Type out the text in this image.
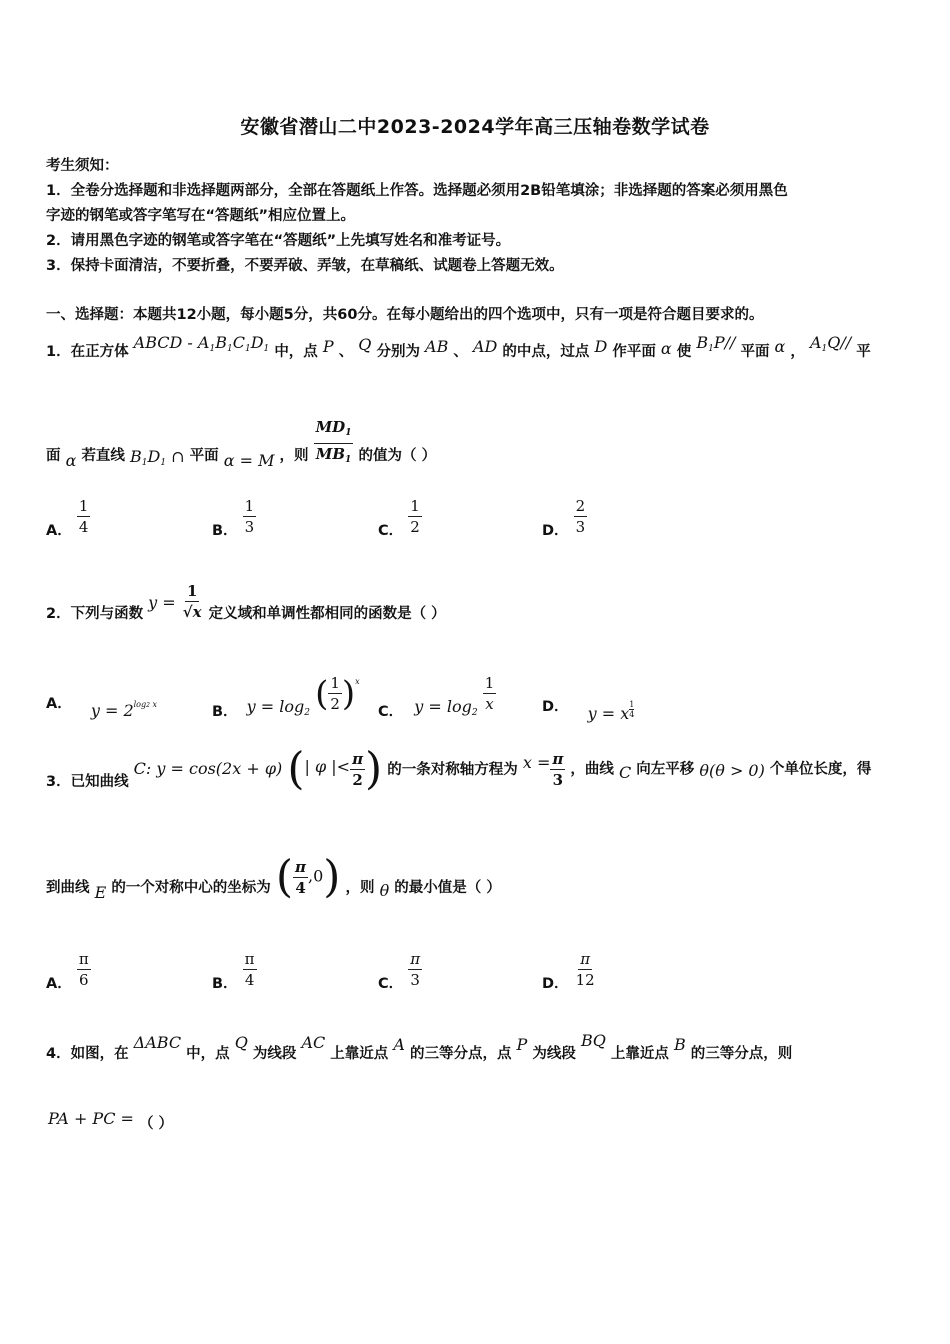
安徽省潜山二中2023-2024学年高三压轴卷数学试卷
考生须知：
1．全卷分选择题和非选择题两部分，全部在答题纸上作答。选择题必须用2B铅笔填涂；非选择题的答案必须用黑色
字迹的钢笔或答字笔写在“答题纸”相应位置上。
2．请用黑色字迹的钢笔或答字笔在“答题纸”上先填写姓名和准考证号。
3．保持卡面清洁，不要折叠，不要弄破、弄皱，在草稿纸、试题卷上答题无效。
一、选择题：本题共12小题，每小题5分，共60分。在每小题给出的四个选项中，只有一项是符合题目要求的。
1．在正方体 ABCD - $A_1B_1C_1D_1$ 中，点 P 、 Q 分别为 AB 、 AD 的中点，过点 D 作平面 α 使 $B_1P//$ 平面 α ， $A_1Q//$ 平
面 α 若直线 $B_1D_1$ ∩ 平面 α = M ，则 $\frac{MD_1}{MB_1}$ 的值为（ ）
A． $\frac{1}{4}$	B． $\frac{1}{3}$	C． $\frac{1}{2}$	D． $\frac{2}{3}$
2．下列与函数 $y = \frac{1}{√x}$ 定义域和单调性都相同的函数是（ ）
A． $y = 2^{log2 x}$	B． $y = \log_2$ ( $\frac{1}{2} )^x$
C． $y = \log_2 \frac{1}{x}$	D． y = x $\frac{1}{4}$
3．已知曲线 C: y = cos(2x + φ) (| φ |< $\frac{\pi}{2}$ ) 的一条对称轴方程为 $x = \frac{\pi}{3}$ ，曲线 C 向左平移 θ(θ > 0) 个单位长度，得
到曲线 E 的一个对称中心的坐标为 ( $\frac{\pi}{4} ,0$) ，则 θ 的最小值是（ ）
A． $\frac{\pi}{6}$	B． $\frac{\pi}{4}$	C． $\frac{\pi}{3}$	D． $\frac{\pi}{12}$
4．如图，在 ΔABC 中，点 Q 为线段 AC 上靠近点 A 的三等分点，点 P 为线段 BQ 上靠近点 B 的三等分点，则
PA + PC = （ ）
